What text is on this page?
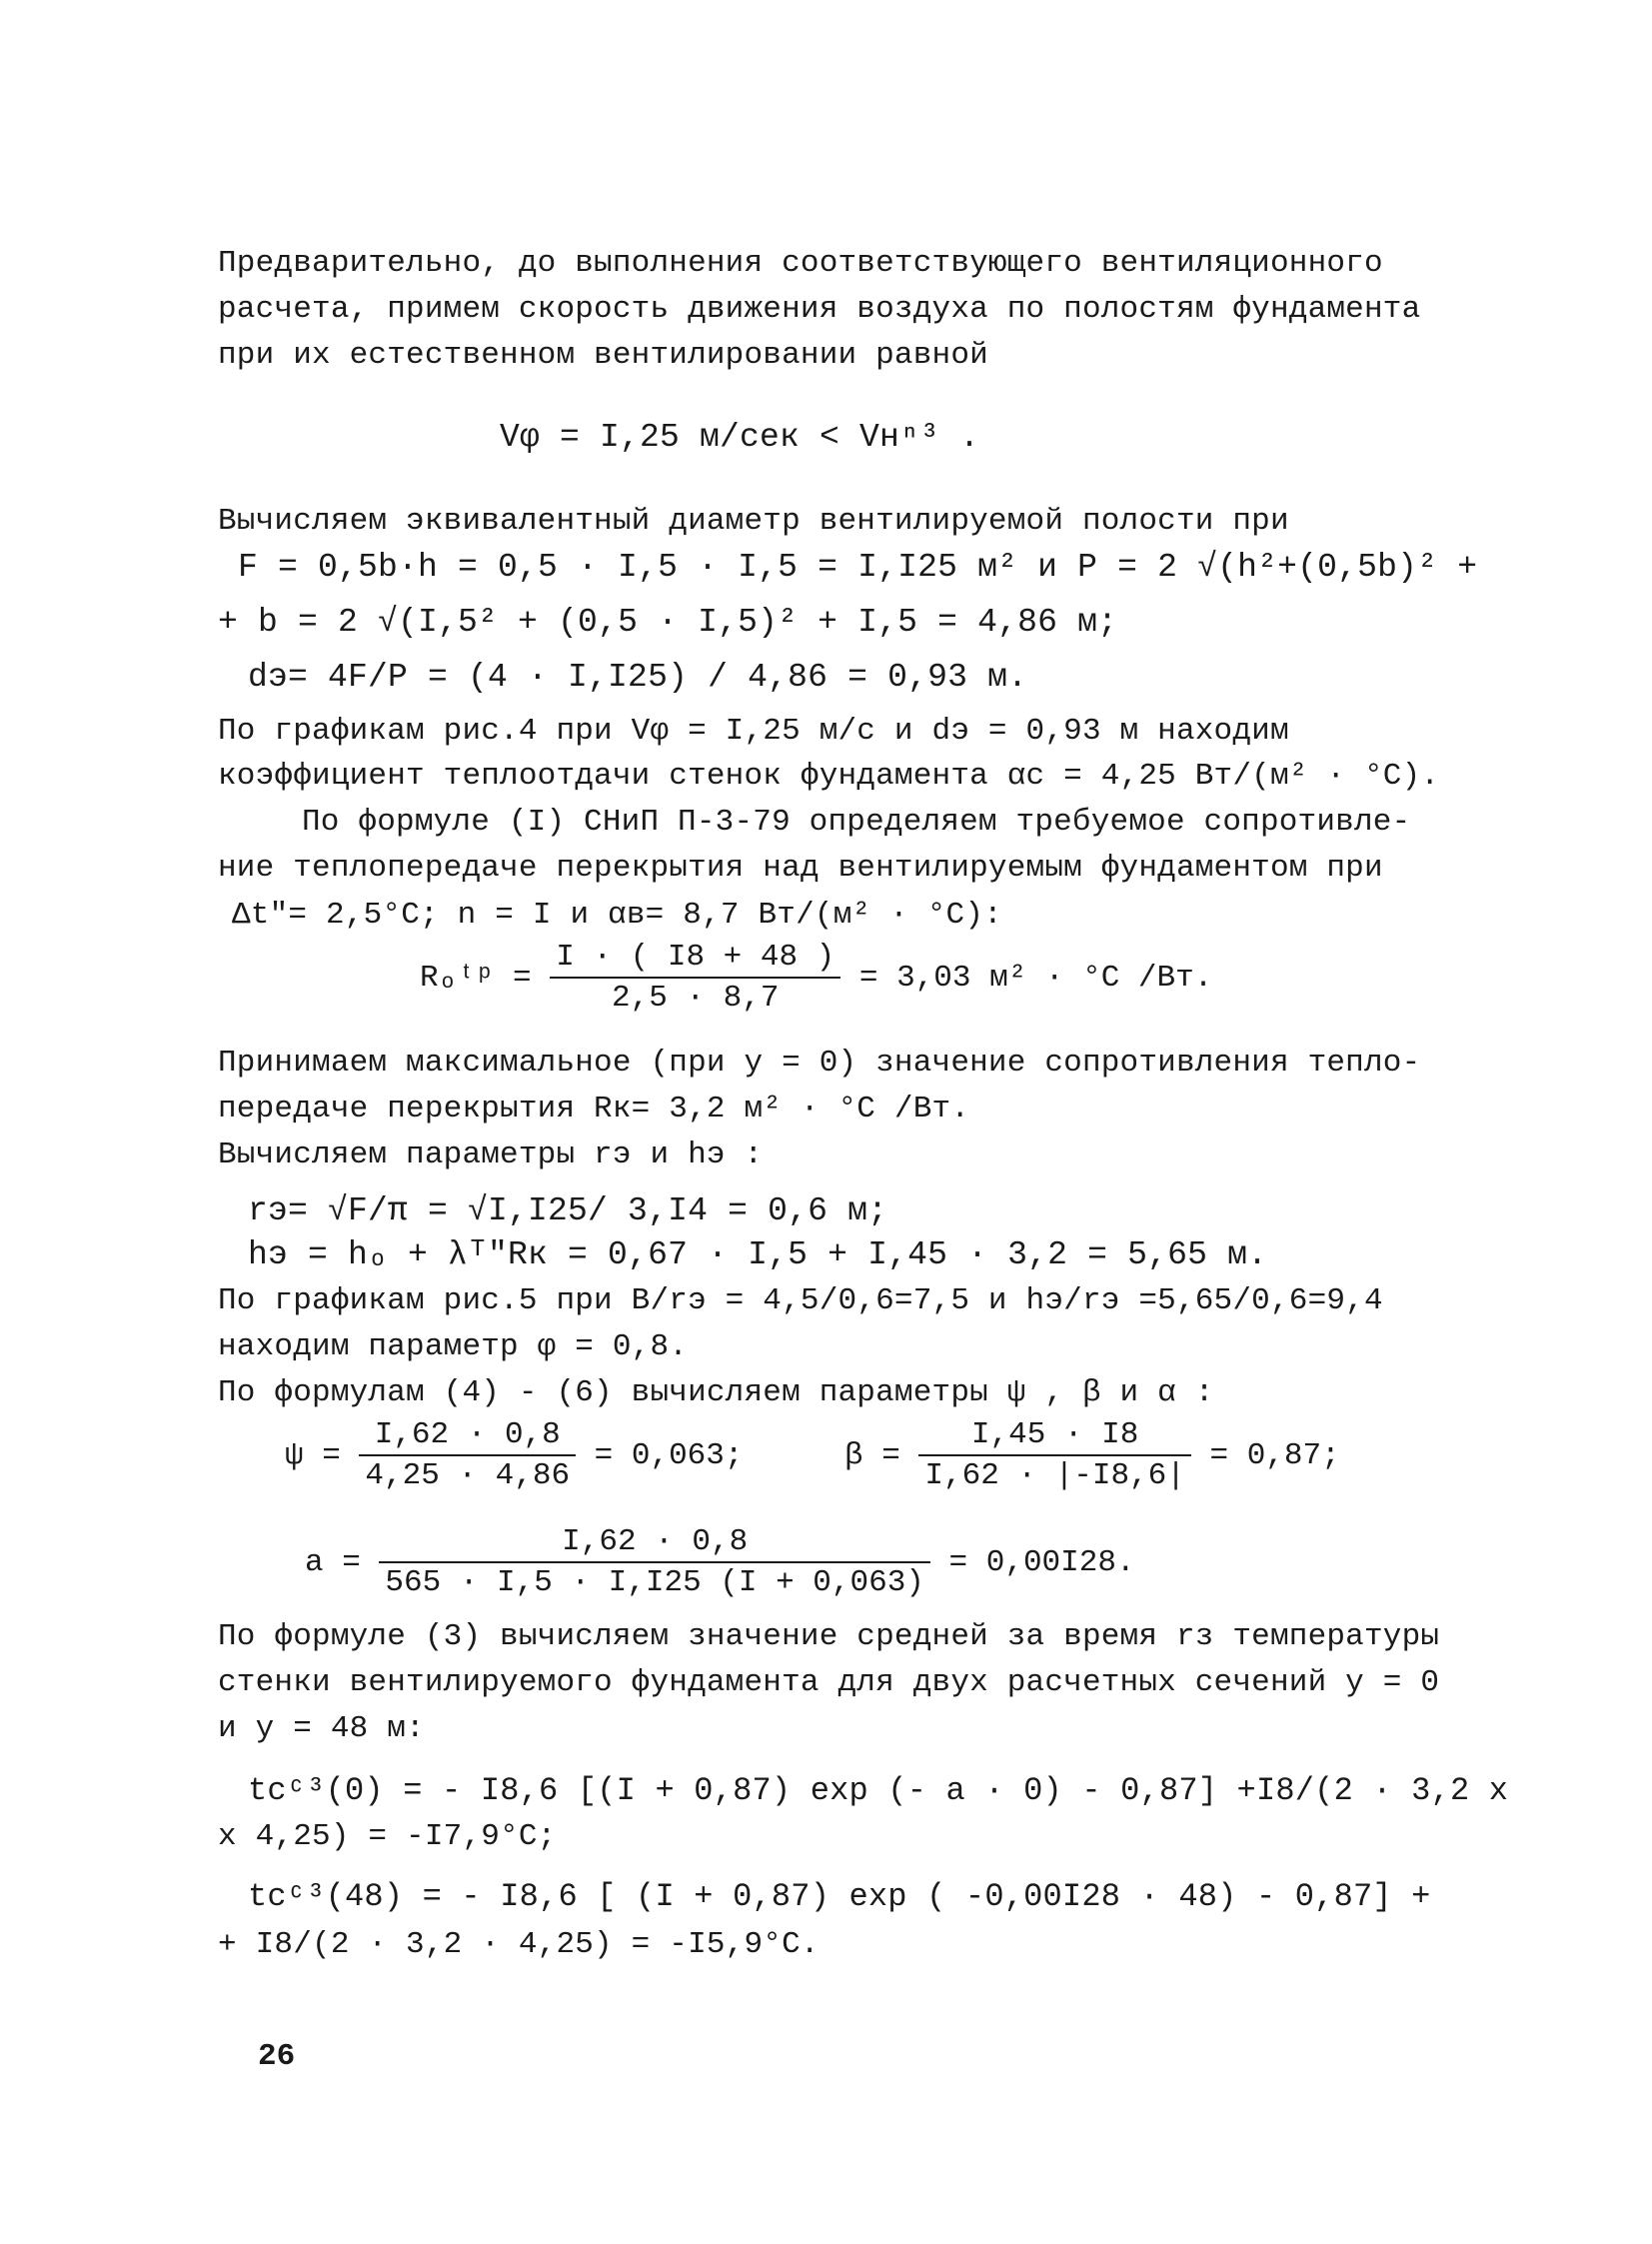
Предварительно, до выполнения соответствующего вентиляционного
расчета, примем скорость движения воздуха по полостям фундамента
при их естественном вентилировании равной
Vφ = I,25 м/сек < Vнⁿ³ .
Вычисляем эквивалентный диаметр вентилируемой полости при
F = 0,5b·h = 0,5 · I,5 · I,5 = I,I25 м² и P = 2 √(h²+(0,5b)² +
+ b = 2 √(I,5² + (0,5 · I,5)² + I,5 = 4,86 м;
dэ= 4F/P = (4 · I,I25) / 4,86 = 0,93 м.
По графикам рис.4 при Vφ = I,25 м/с и dэ = 0,93 м находим
коэффициент теплоотдачи стенок фундамента αc = 4,25 Вт/(м² · °C).
По формуле (I) СНиП П-3-79 определяем требуемое сопротивле-
ние теплопередаче перекрытия над вентилируемым фундаментом при
Δt″= 2,5°C; n = I и αв= 8,7 Вт/(м² · °C):
Rₒᵗᵖ = $\frac{I \cdot ( I8 + 48 )}{2,5 \cdot 8,7} = 3,03$ м² · °C /Вт.
Принимаем максимальное (при y = 0) значение сопротивления тепло-
передаче перекрытия Rк= 3,2 м² · °C /Вт.
Вычисляем параметры rэ и hэ :
rэ= √F/π = √I,I25/ 3,I4 = 0,6 м;
hэ = hₒ + λᵀ″Rк = 0,67 · I,5 + I,45 · 3,2 = 5,65 м.
По графикам рис.5 при B/rэ = 4,5/0,6=7,5 и hэ/rэ =5,65/0,6=9,4
находим параметр φ = 0,8.
По формулам (4) - (6) вычисляем параметры ψ , β и α :
$\psi = \frac{I,62 \cdot 0,8}{4,25 \cdot 4,86} = 0,063$;	$\beta = \frac{I,45 \cdot I8}{I,62 \cdot |-I8,6|} = 0,87$;
$a = \frac{I,62 \cdot 0,8}{565 \cdot I,5 \cdot I,I25 (I + 0,063)} = 0,00I28$.
По формуле (3) вычисляем значение средней за время rз температуры
стенки вентилируемого фундамента для двух расчетных сечений y = 0
и y = 48 м:
tᴄᶜ³(0) = - I8,6 [(I + 0,87) exp (- a · 0) - 0,87] +I8/(2 · 3,2 x
x 4,25) = -I7,9°C;
tᴄᶜ³(48) = - I8,6 [ (I + 0,87) exp ( -0,00I28 · 48) - 0,87] +
+ I8/(2 · 3,2 · 4,25) = -I5,9°C.
26
